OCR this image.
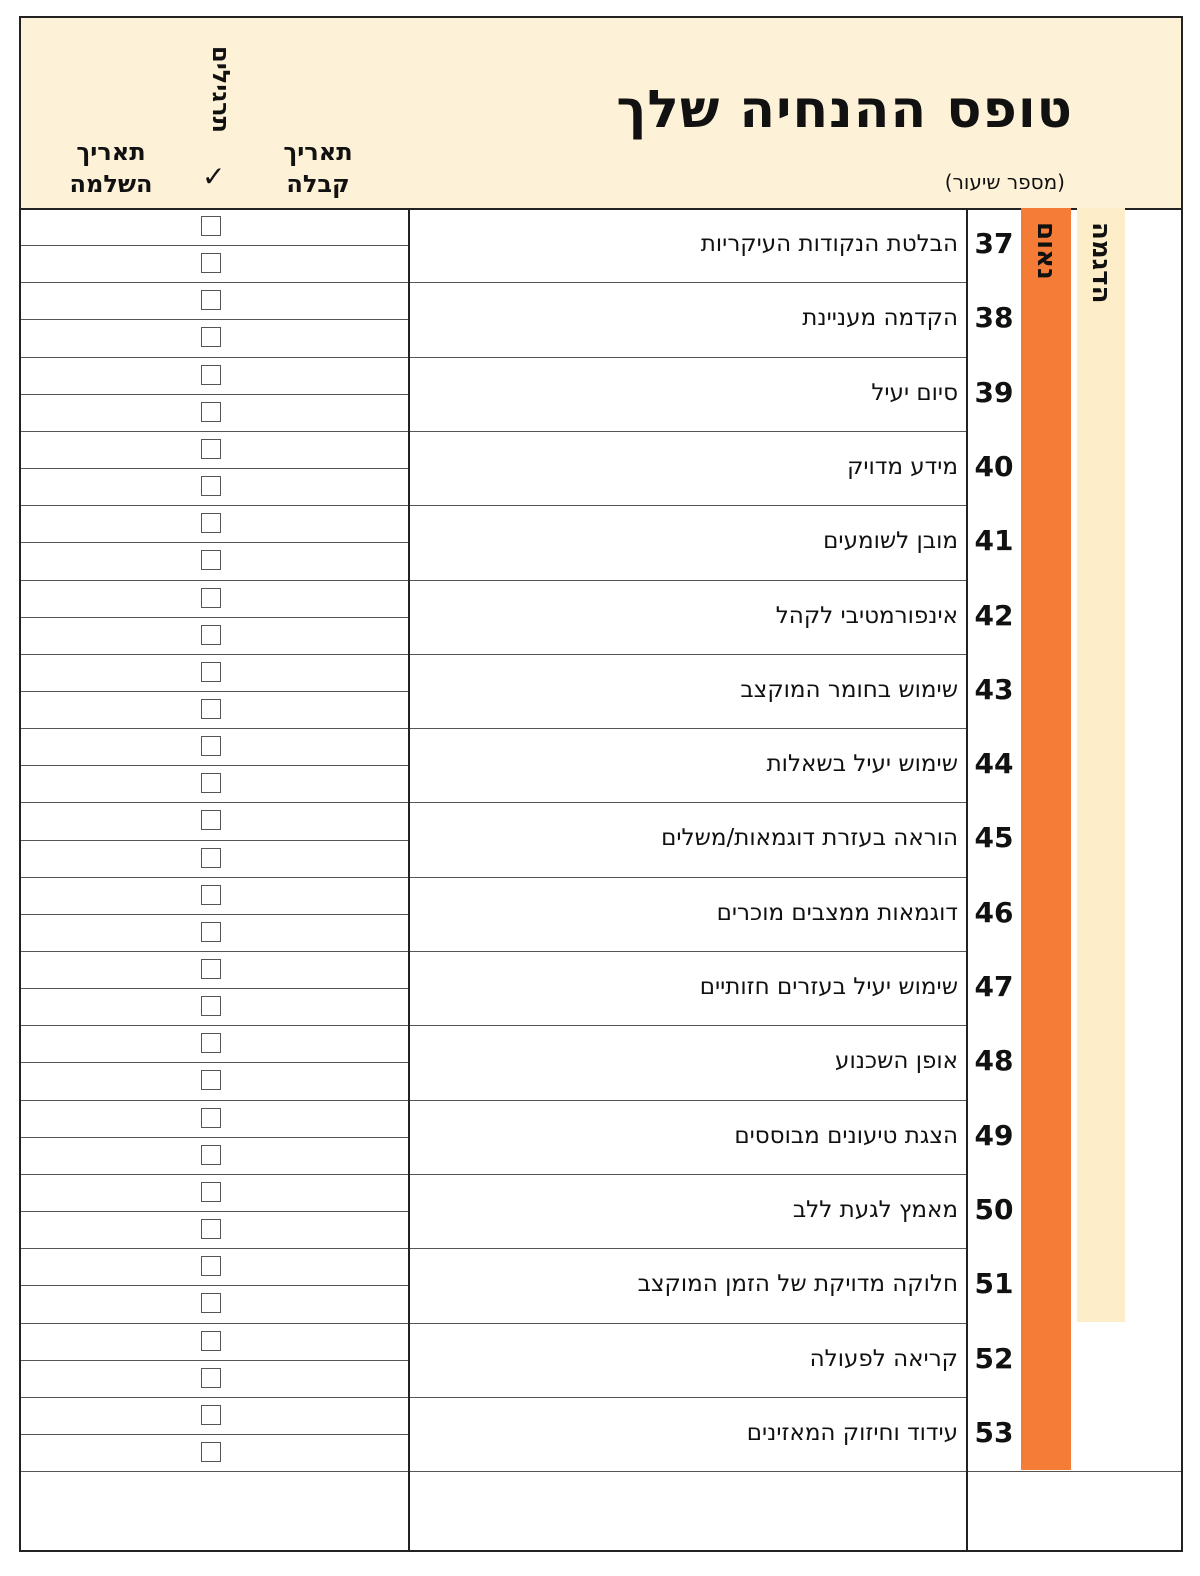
טופס ההנחיה שלך
(מספר שיעור)
תאריך קבלה
תרגילים
✓
תאריך השלמה
הבלטת הנקודות העיקריות 37
הקדמה מעניינת 38
סיום יעיל 39
מידע מדויק 40
מובן לשומעים 41
אינפורמטיבי לקהל 42
שימוש בחומר המוקצב 43
שימוש יעיל בשאלות 44
הוראה בעזרת דוגמאות/משלים 45
דוגמאות ממצבים מוכרים 46
שימוש יעיל בעזרים חזותיים 47
אופן השכנוע 48
הצגת טיעונים מבוססים 49
מאמץ לגעת ללב 50
חלוקה מדויקת של הזמן המוקצב 51
קריאה לפעולה 52
עידוד וחיזוק המאזינים 53
נאום הדגמה
